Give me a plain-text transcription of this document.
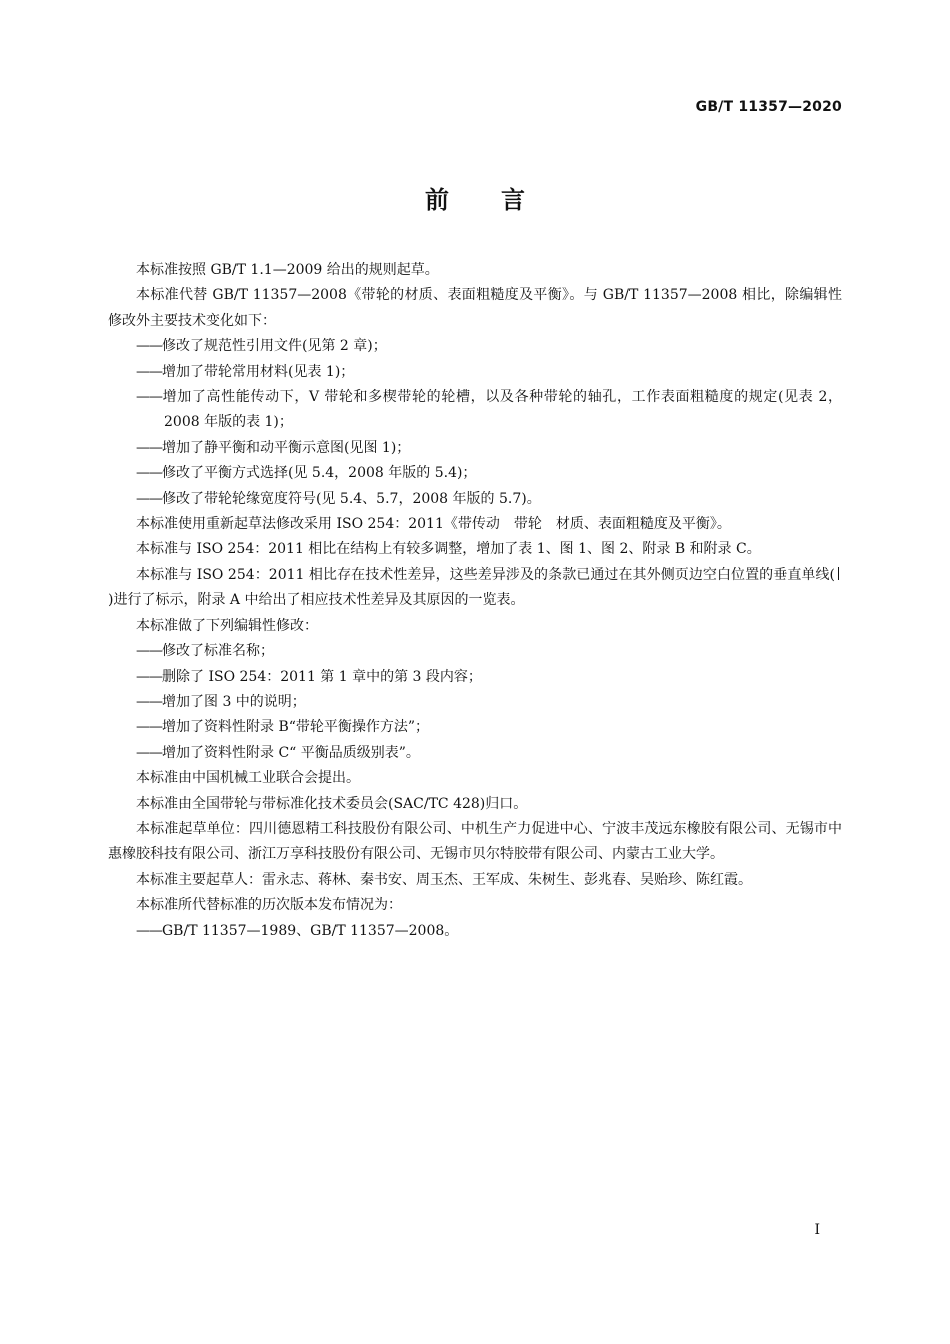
GB/T 11357—2020
前 言

本标准按照 GB/T 1.1—2009 给出的规则起草。

本标准代替 GB/T 11357—2008《带轮的材质、表面粗糙度及平衡》。与 GB/T 11357—2008 相比，除编辑性修改外主要技术变化如下：

——修改了规范性引用文件(见第 2 章)；

——增加了带轮常用材料(见表 1)；

——增加了高性能传动下，V 带轮和多楔带轮的轮槽，以及各种带轮的轴孔，工作表面粗糙度的规定(见表 2，2008 年版的表 1)；

——增加了静平衡和动平衡示意图(见图 1)；

——修改了平衡方式选择(见 5.4，2008 年版的 5.4)；

——修改了带轮轮缘宽度符号(见 5.4、5.7，2008 年版的 5.7)。

本标准使用重新起草法修改采用 ISO 254：2011《带传动　带轮　材质、表面粗糙度及平衡》。

本标准与 ISO 254：2011 相比在结构上有较多调整，增加了表 1、图 1、图 2、附录 B 和附录 C。

本标准与 ISO 254：2011 相比存在技术性差异，这些差异涉及的条款已通过在其外侧页边空白位置的垂直单线()进行了标示，附录 A 中给出了相应技术性差异及其原因的一览表。

本标准做了下列编辑性修改：

——修改了标准名称；

——删除了 ISO 254：2011 第 1 章中的第 3 段内容；

——增加了图 3 中的说明；

——增加了资料性附录 B“带轮平衡操作方法”；

——增加了资料性附录 C“ 平衡品质级别表”。

本标准由中国机械工业联合会提出。

本标准由全国带轮与带标准化技术委员会(SAC/TC 428)归口。

本标准起草单位：四川德恩精工科技股份有限公司、中机生产力促进中心、宁波丰茂远东橡胶有限公司、无锡市中惠橡胶科技有限公司、浙江万享科技股份有限公司、无锡市贝尔特胶带有限公司、内蒙古工业大学。

本标准主要起草人：雷永志、蒋林、秦书安、周玉杰、王军成、朱树生、彭兆春、吴贻珍、陈红霞。

本标准所代替标准的历次版本发布情况为：

——GB/T 11357—1989、GB/T 11357—2008。

I
